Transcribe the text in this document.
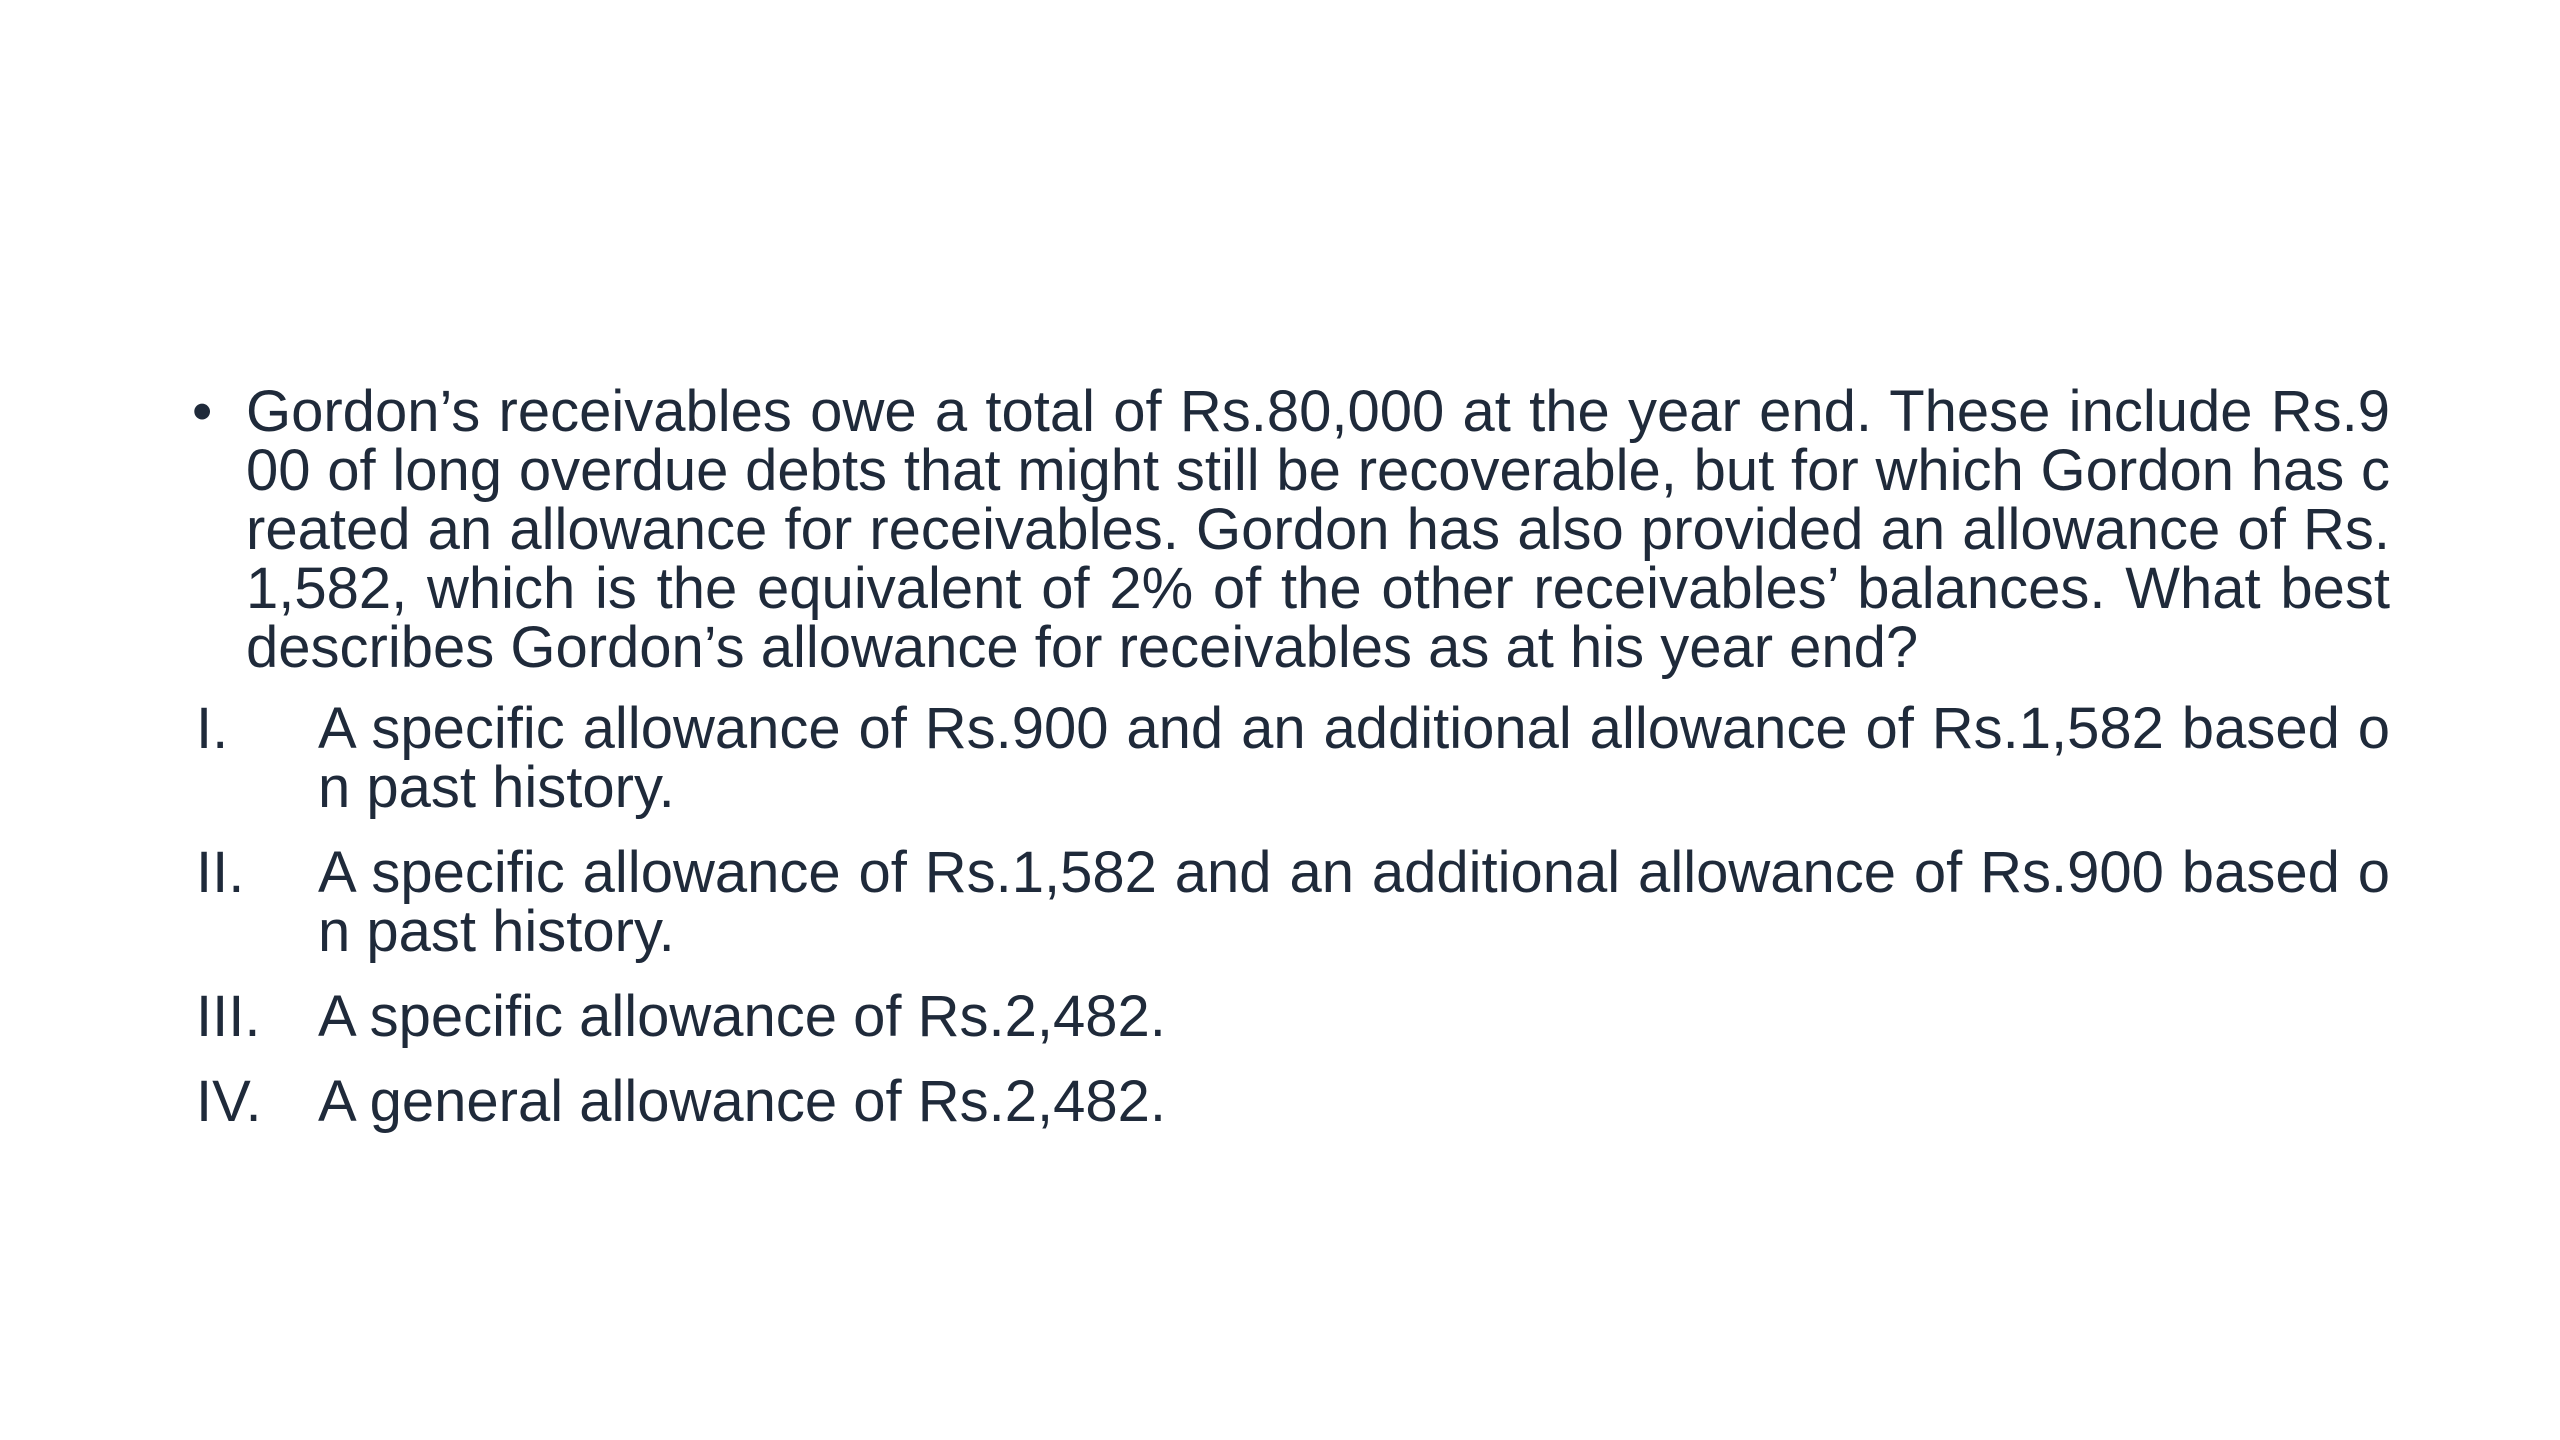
• Gordon’s receivables owe a total of Rs.80,000 at the year end. These include Rs.900 of long overdue debts that might still be recoverable, but for which Gordon has created an allowance for receivables. Gordon has also provided an allowance of Rs.1,582, which is the equivalent of 2% of the other receivables’ balances. What best describes Gordon’s allowance for receivables as at his year end?
I. A specific allowance of Rs.900 and an additional allowance of Rs.1,582 based on past history.
II. A specific allowance of Rs.1,582 and an additional allowance of Rs.900 based on past history.
III. A specific allowance of Rs.2,482.
IV. A general allowance of Rs.2,482.
